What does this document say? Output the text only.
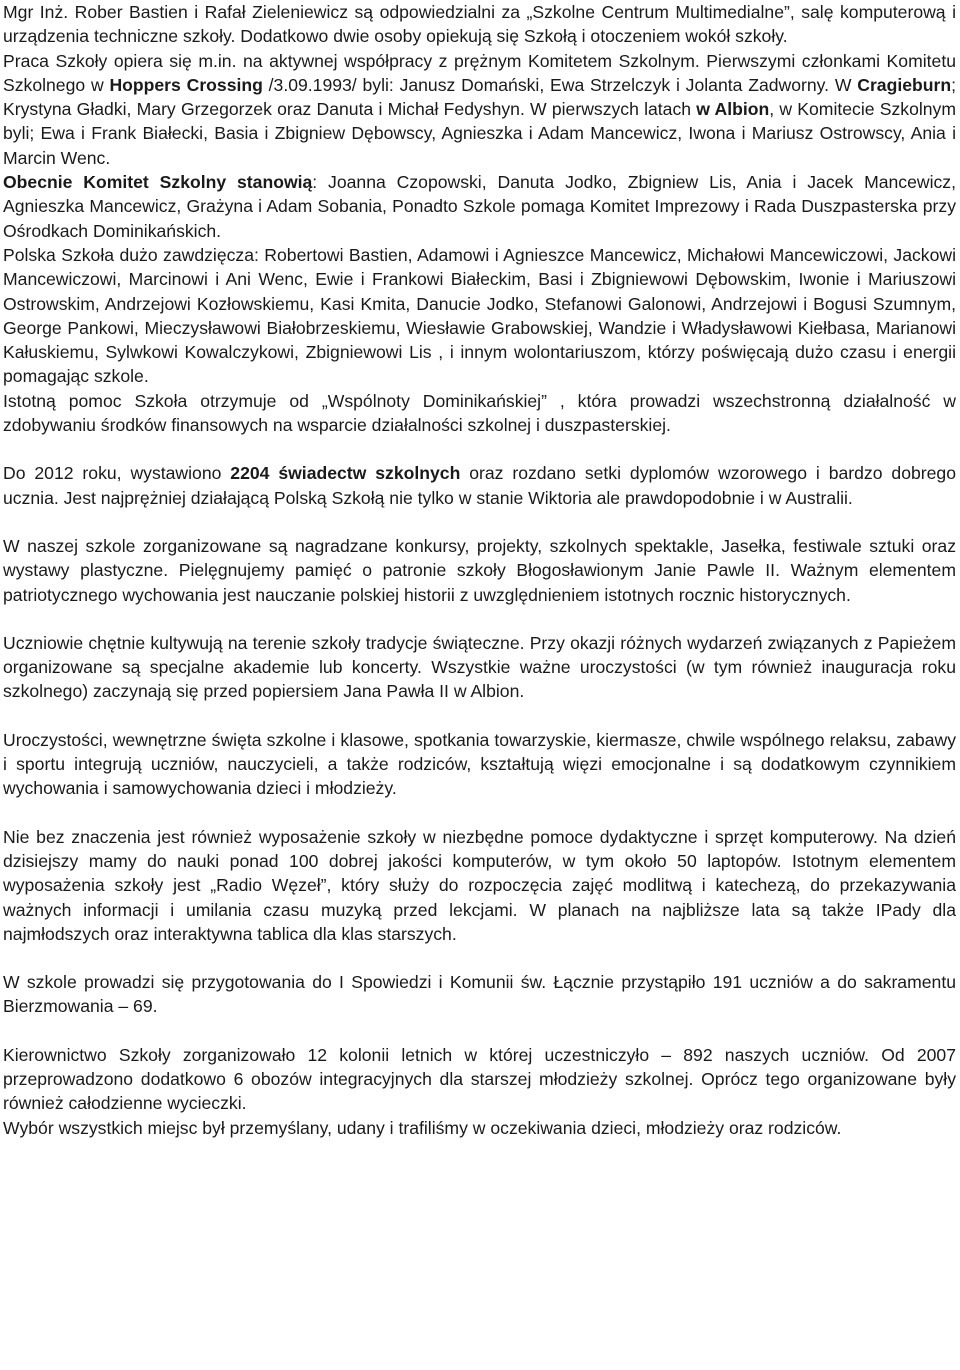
Mgr Inż. Rober Bastien i Rafał Zieleniewicz są odpowiedzialni za „Szkolne Centrum Multimedialne”, salę komputerową i urządzenia techniczne szkoły. Dodatkowo dwie osoby opiekują się Szkołą i otoczeniem wokół szkoły.

Praca Szkoły opiera się m.in. na aktywnej współpracy z prężnym Komitetem Szkolnym. Pierwszymi członkami Komitetu Szkolnego w Hoppers Crossing /3.09.1993/ byli: Janusz Domański, Ewa Strzelczyk i Jolanta Zadworny. W Cragieburn; Krystyna Gładki, Mary Grzegorzek oraz Danuta i Michał Fedyshyn. W pierwszych latach w Albion, w Komitecie Szkolnym byli; Ewa i Frank Białecki, Basia i Zbigniew Dębowscy, Agnieszka i Adam Mancewicz, Iwona i Mariusz Ostrowscy, Ania i Marcin Wenc.

Obecnie Komitet Szkolny stanowią: Joanna Czopowski, Danuta Jodko, Zbigniew Lis, Ania i Jacek Mancewicz, Agnieszka Mancewicz, Grażyna i Adam Sobania, Ponadto Szkole pomaga Komitet Imprezowy i Rada Duszpasterska przy Ośrodkach Dominikańskich.

Polska Szkoła dużo zawdzięcza: Robertowi Bastien, Adamowi i Agnieszce Mancewicz, Michałowi Mancewiczowi, Jackowi Mancewiczowi, Marcinowi i Ani Wenc, Ewie i Frankowi Białeckim, Basi i Zbigniewowi Dębowskim, Iwonie i Mariuszowi Ostrowskim, Andrzejowi Kozłowskiemu, Kasi Kmita, Danucie Jodko, Stefanowi Galonowi, Andrzejowi i Bogusi Szumnym, George Pankowi, Mieczysławowi Białobrzeskiemu, Wiesławie Grabowskiej, Wandzie i Władysławowi Kiełbasa, Marianowi Kałuskiemu, Sylwkowi Kowalczykowi, Zbigniewowi Lis , i innym wolontariuszom, którzy poświęcają dużo czasu i energii pomagając szkole.

Istotną pomoc Szkoła otrzymuje od „Wspólnoty Dominikańskiej” , która prowadzi wszechstronną działalność w zdobywaniu środków finansowych na wsparcie działalności szkolnej i duszpasterskiej.

Do 2012 roku, wystawiono 2204 świadectw szkolnych oraz rozdano setki dyplomów wzorowego i bardzo dobrego ucznia. Jest najprężniej działającą Polską Szkołą nie tylko w stanie Wiktoria ale prawdopodobnie i w Australii.

W naszej szkole zorganizowane są nagradzane konkursy, projekty, szkolnych spektakle, Jasełka, festiwale sztuki oraz wystawy plastyczne. Pielęgnujemy pamięć o patronie szkoły Błogosławionym Janie Pawle II. Ważnym elementem patriotycznego wychowania jest nauczanie polskiej historii z uwzględnieniem istotnych rocznic historycznych.

Uczniowie chętnie kultywują na terenie szkoły tradycje świąteczne. Przy okazji różnych wydarzeń związanych z Papieżem organizowane są specjalne akademie lub koncerty. Wszystkie ważne uroczystości (w tym również inauguracja roku szkolnego) zaczynają się przed popiersiem Jana Pawła II w Albion.

Uroczystości, wewnętrzne święta szkolne i klasowe, spotkania towarzyskie, kiermasze, chwile wspólnego relaksu, zabawy i sportu integrują uczniów, nauczycieli, a także rodziców, kształtują więzi emocjonalne i są dodatkowym czynnikiem wychowania i samowychowania dzieci i młodzieży.

Nie bez znaczenia jest również wyposażenie szkoły w niezbędne pomoce dydaktyczne i sprzęt komputerowy. Na dzień dzisiejszy mamy do nauki ponad 100 dobrej jakości komputerów, w tym około 50 laptopów. Istotnym elementem wyposażenia szkoły jest „Radio Węzeł”, który służy do rozpoczęcia zajęć modlitwą i katechezą, do przekazywania ważnych informacji i umilania czasu muzyką przed lekcjami. W planach na najbliższe lata są także IPady dla najmłodszych oraz interaktywna tablica dla klas starszych.

W szkole prowadzi się przygotowania do I Spowiedzi i Komunii św. Łącznie przystąpiło 191 uczniów a do sakramentu Bierzmowania – 69.

Kierownictwo Szkoły zorganizowało 12 kolonii letnich w której uczestniczyło – 892 naszych uczniów. Od 2007 przeprowadzono dodatkowo 6 obozów integracyjnych dla starszej młodzieży szkolnej. Oprócz tego organizowane były również całodzienne wycieczki.

Wybór wszystkich miejsc był przemyślany, udany i trafiliśmy w oczekiwania dzieci, młodzieży oraz rodziców.
